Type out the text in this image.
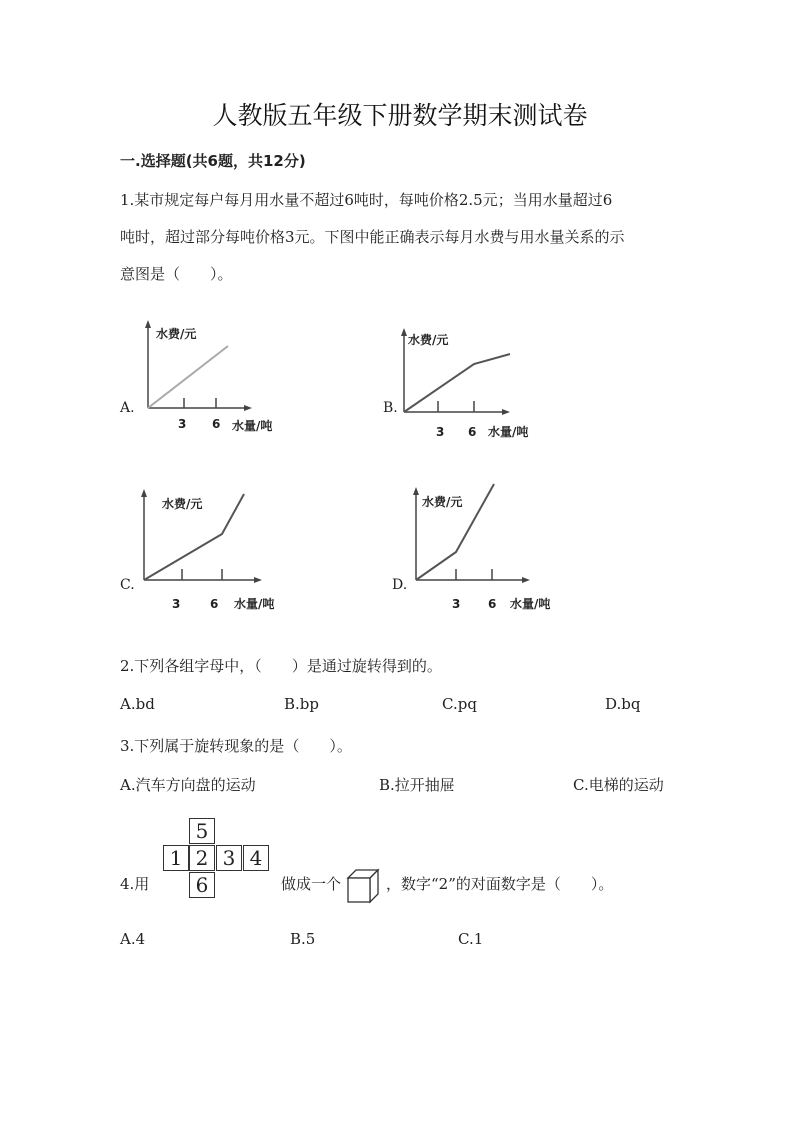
人教版五年级下册数学期末测试卷
一.选择题(共6题，共12分)
1.某市规定每户每月用水量不超过6吨时，每吨价格2.5元；当用水量超过6
吨时，超过部分每吨价格3元。下图中能正确表示每月水费与用水量关系的示
意图是（　　）。
A.
水费/元
3 6 水量/吨
B.
水费/元
3 6 水量/吨
C.
水费/元
3 6 水量/吨
D.
水费/元
3 6 水量/吨
2.下列各组字母中，（　　）是通过旋转得到的。
A.bd	B.bp	C.pq	D.bq
3.下列属于旋转现象的是（　　）。
A.汽车方向盘的运动	B.拉开抽屉	C.电梯的运动
4.用
5
1 2 3 4
6	做成一个	，数字“2”的对面数字是（　　）。
A.4	B.5	C.1
